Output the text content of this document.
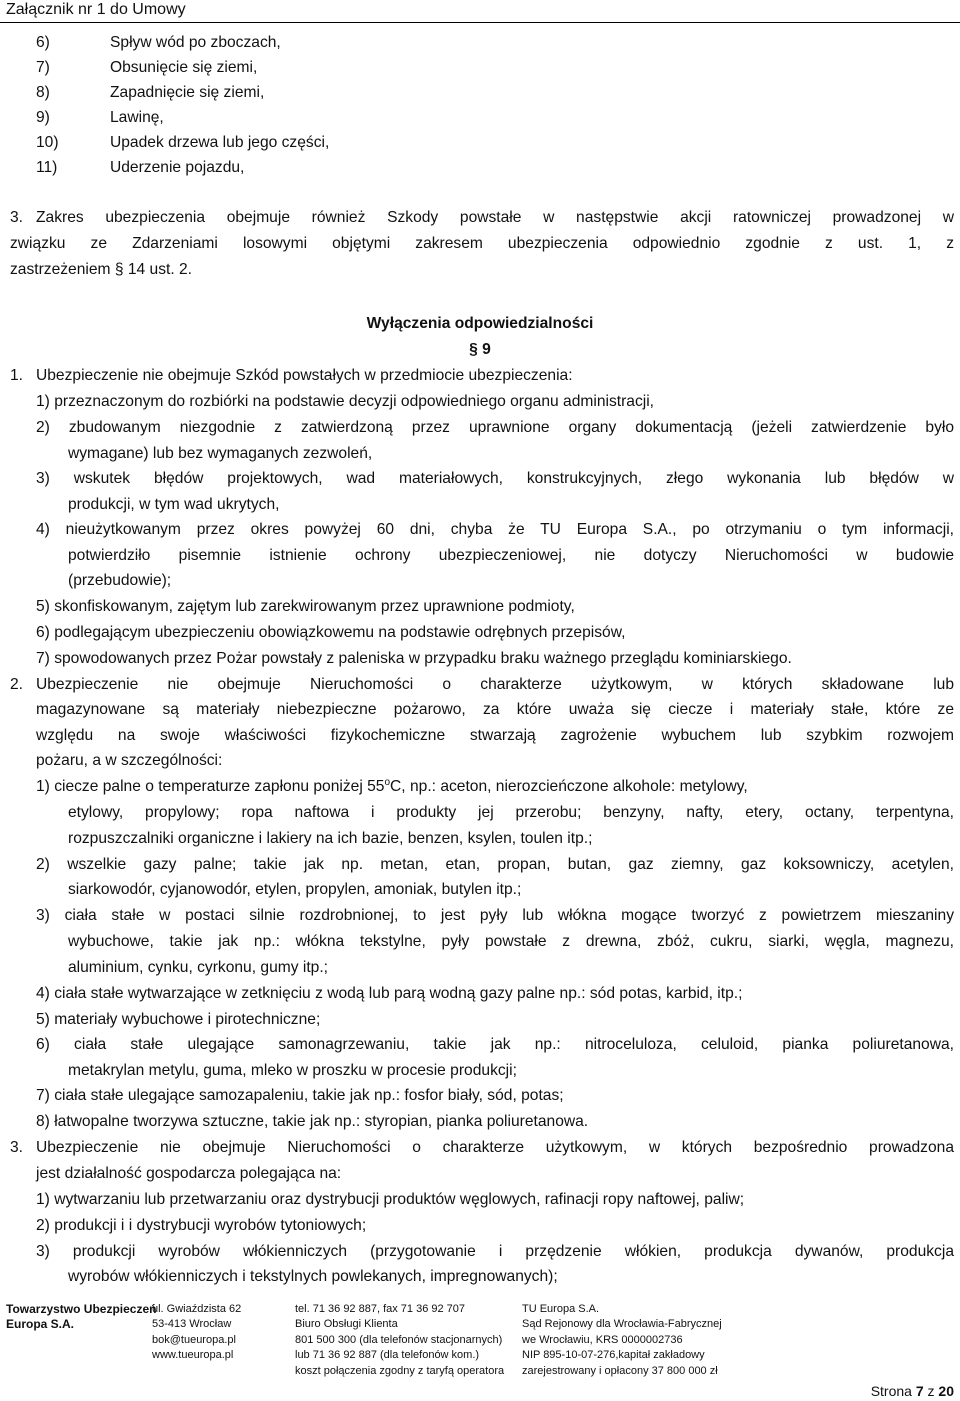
Załącznik nr 1 do Umowy
6)	Spływ wód po zboczach,
7)	Obsunięcie się ziemi,
8)	Zapadnięcie się ziemi,
9)	Lawinę,
10)	Upadek drzewa lub jego części,
11)	Uderzenie pojazdu,
3. Zakres ubezpieczenia obejmuje również Szkody powstałe w następstwie akcji ratowniczej prowadzonej w
związku ze Zdarzeniami losowymi objętymi zakresem ubezpieczenia odpowiednio zgodnie z ust. 1, z
zastrzeżeniem § 14 ust. 2.
Wyłączenia odpowiedzialności
§ 9
1. Ubezpieczenie nie obejmuje Szkód powstałych w przedmiocie ubezpieczenia:
1) przeznaczonym do rozbiórki na podstawie decyzji odpowiedniego organu administracji,
2) zbudowanym niezgodnie z zatwierdzoną przez uprawnione organy dokumentacją (jeżeli zatwierdzenie było
wymagane) lub bez wymaganych zezwoleń,
3) wskutek błędów projektowych, wad materiałowych, konstrukcyjnych, złego wykonania lub błędów w
produkcji, w tym wad ukrytych,
4) nieużytkowanym przez okres powyżej 60 dni, chyba że TU Europa S.A., po otrzymaniu o tym informacji,
potwierdziło pisemnie istnienie ochrony ubezpieczeniowej, nie dotyczy Nieruchomości w budowie
(przebudowie);
5) skonfiskowanym, zajętym lub zarekwirowanym przez uprawnione podmioty,
6) podlegającym ubezpieczeniu obowiązkowemu na podstawie odrębnych przepisów,
7) spowodowanych przez Pożar powstały z paleniska w przypadku braku ważnego przeglądu kominiarskiego.
2. Ubezpieczenie nie obejmuje Nieruchomości o charakterze użytkowym, w których składowane lub
magazynowane są materiały niebezpieczne pożarowo, za które uważa się ciecze i materiały stałe, które ze
względu na swoje właściwości fizykochemiczne stwarzają zagrożenie wybuchem lub szybkim rozwojem
pożaru, a w szczególności:
1) ciecze palne o temperaturze zapłonu poniżej 55$^o$C, np.: aceton, nierozcieńczone alkohole: metylowy,
etylowy, propylowy; ropa naftowa i produkty jej przerobu; benzyny, nafty, etery, octany, terpentyna,
rozpuszczalniki organiczne i lakiery na ich bazie, benzen, ksylen, toulen itp.;
2) wszelkie gazy palne; takie jak np. metan, etan, propan, butan, gaz ziemny, gaz koksowniczy, acetylen,
siarkowodór, cyjanowodór, etylen, propylen, amoniak, butylen itp.;
3) ciała stałe w postaci silnie rozdrobnionej, to jest pyły lub włókna mogące tworzyć z powietrzem mieszaniny
wybuchowe, takie jak np.: włókna tekstylne, pyły powstałe z drewna, zbóż, cukru, siarki, węgla, magnezu,
aluminium, cynku, cyrkonu, gumy itp.;
4) ciała stałe wytwarzające w zetknięciu z wodą lub parą wodną gazy palne np.: sód potas, karbid, itp.;
5) materiały wybuchowe i pirotechniczne;
6) ciała stałe ulegające samonagrzewaniu, takie jak np.: nitroceluloza, celuloid, pianka poliuretanowa,
metakrylan metylu, guma, mleko w proszku w procesie produkcji;
7) ciała stałe ulegające samozapaleniu, takie jak np.: fosfor biały, sód, potas;
8) łatwopalne tworzywa sztuczne, takie jak np.: styropian, pianka poliuretanowa.
3. Ubezpieczenie nie obejmuje Nieruchomości o charakterze użytkowym, w których bezpośrednio prowadzona
jest działalność gospodarcza polegająca na:
1) wytwarzaniu lub przetwarzaniu oraz dystrybucji produktów węglowych, rafinacji ropy naftowej, paliw;
2) produkcji i i dystrybucji wyrobów tytoniowych;
3) produkcji wyrobów włókienniczych (przygotowanie i przędzenie włókien, produkcja dywanów, produkcja
wyrobów włókienniczych i tekstylnych powlekanych, impregnowanych);
Towarzystwo Ubezpieczeń
Europa S.A.
ul. Gwiaździsta 62
53-413 Wrocław
bok@tueuropa.pl
www.tueuropa.pl
tel. 71 36 92 887, fax 71 36 92 707
Biuro Obsługi Klienta
801 500 300 (dla telefonów stacjonarnych)
lub 71 36 92 887 (dla telefonów kom.)
koszt połączenia zgodny z taryfą operatora
TU Europa S.A.
Sąd Rejonowy dla Wrocławia-Fabrycznej
we Wrocławiu, KRS 0000002736
NIP 895-10-07-276,kapitał zakładowy
zarejestrowany i opłacony 37 800 000 zł
Strona 7 z 20
